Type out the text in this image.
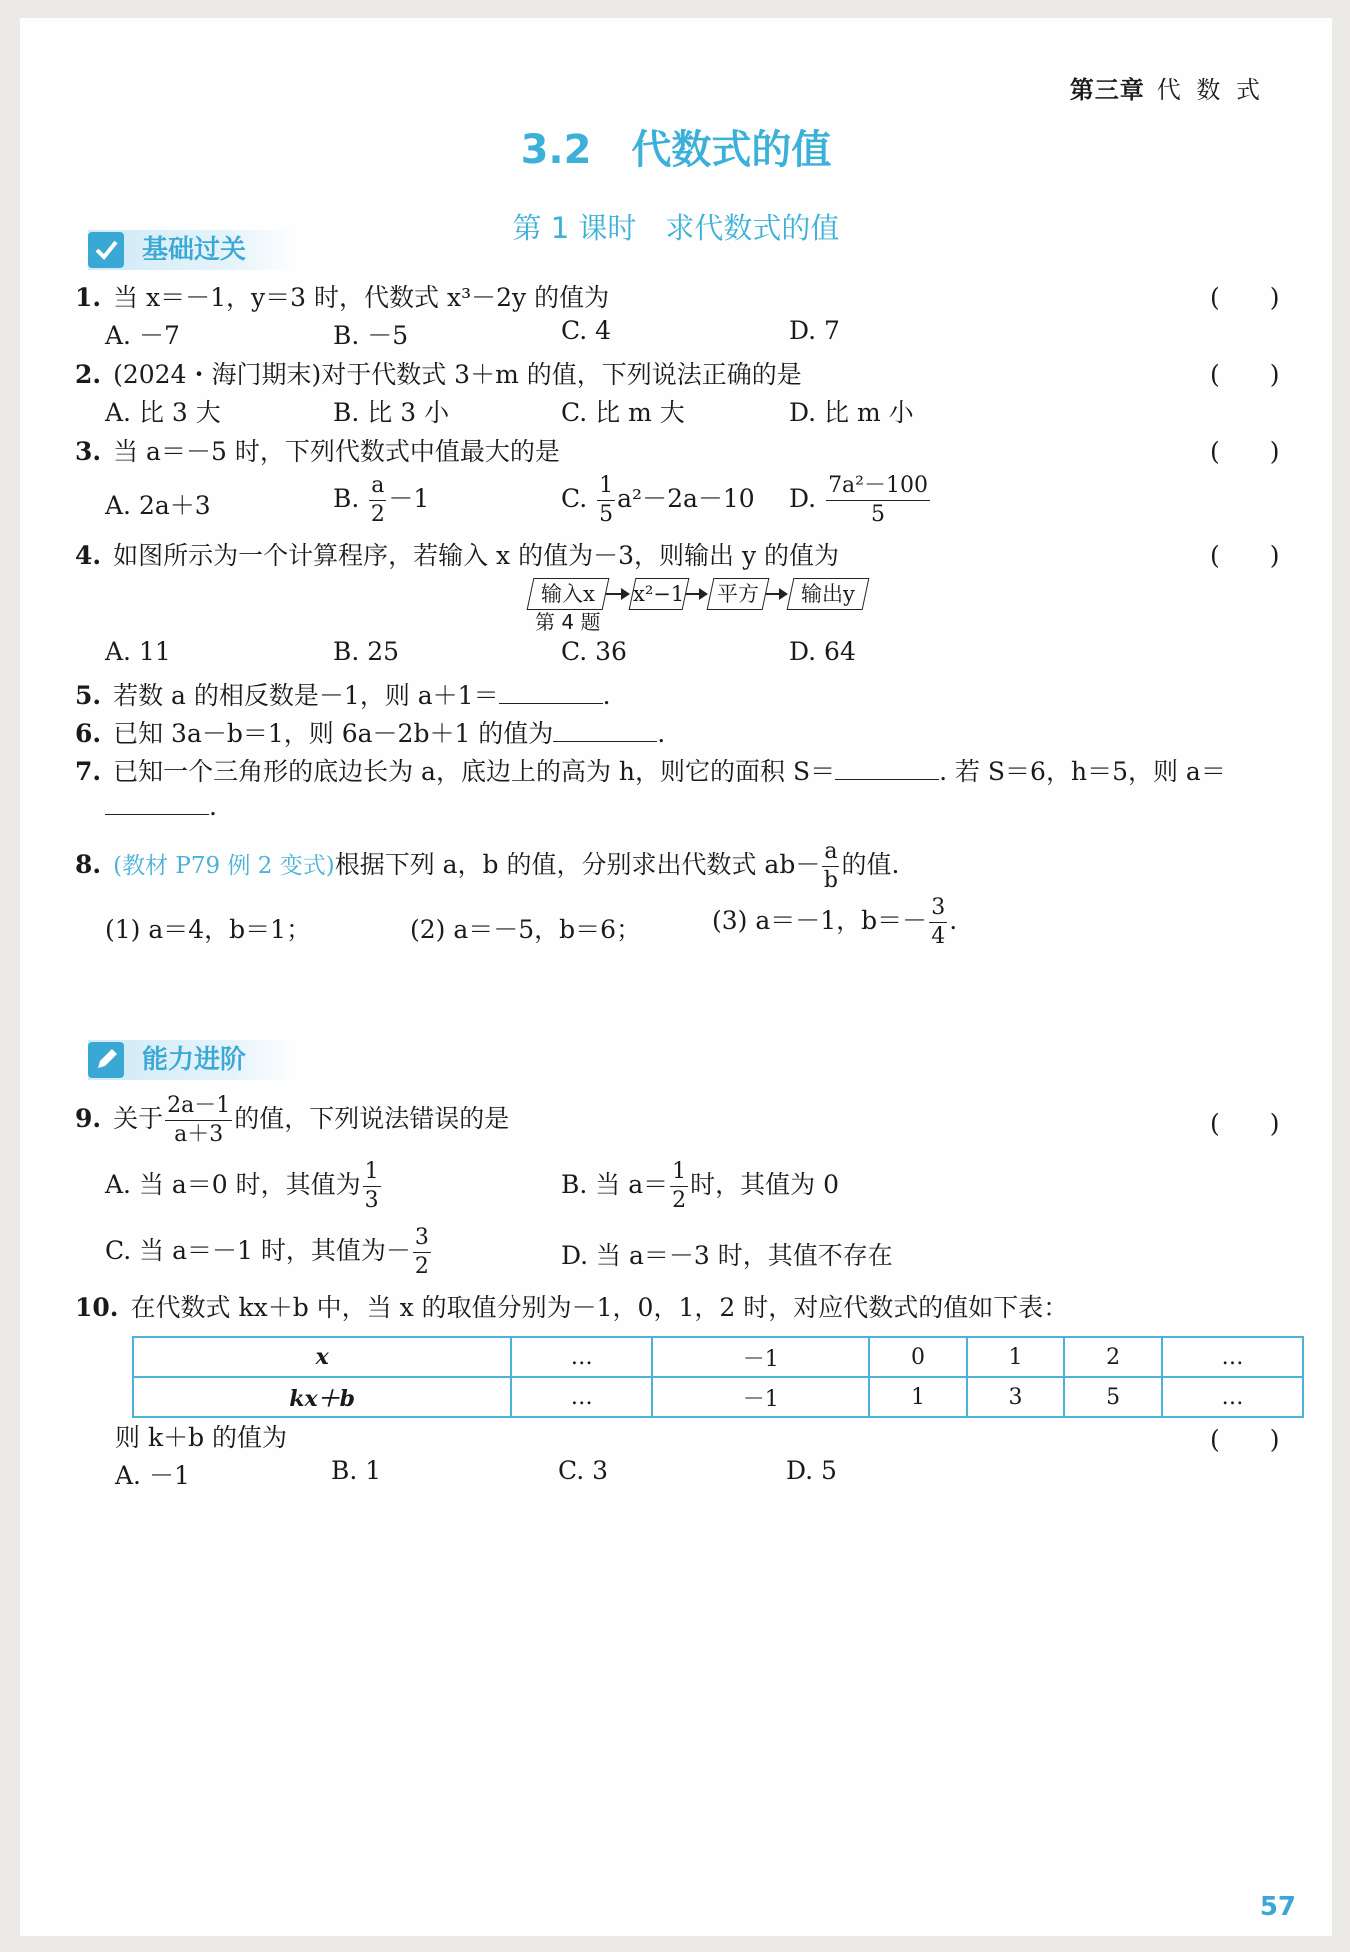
第三章 代 数 式
3.2　代数式的值
第 1 课时　求代数式的值
基础过关
1. 当 x＝－1，y＝3 时，代数式 x³－2y 的值为	(　　)
A. －7	B. －5	C. 4	D. 7
2. (2024・海门期末)对于代数式 3＋m 的值，下列说法正确的是	(　　)
A. 比 3 大	B. 比 3 小	C. 比 m 大	D. 比 m 小
3. 当 a＝－5 时，下列代数式中值最大的是	(　　)
A. 2a＋3	B. $\frac{a}{2} -1$	C. $\frac{1}{5} a^2-2a-10$ D. $\frac{\text{7a²－100}}{5}$
4. 如图所示为一个计算程序，若输入 x 的值为－3，则输出 y 的值为	(　　)
输入x	x²−1	平方	输出y
第 4 题
A. 11	B. 25	C. 36	D. 64
5. 若数 a 的相反数是－1，则 a＋1＝	.
6. 已知 3a－b＝1，则 6a－2b＋1 的值为	.
7. 已知一个三角形的底边长为 a，底边上的高为 h，则它的面积 S＝	. 若 S＝6，h＝5，则 a＝
.
8. (教材 P79 例 2 变式)根据下列 a，b 的值，分别求出代数式 $ab- \frac{a}{b}$ 的值.
(1) a＝4，b＝1；	(2) a＝－5，b＝6；	(3) a＝－1，$b=- \frac{3}{4}$ .
能力进阶
9. 关于 $\frac{2a-1}{a+3}$ 的值，下列说法错误的是	(　　)
A. 当 a＝0 时，其值为 $\frac{1}{3}$	B. 当 $a= \frac{1}{2}$ 时，其值为 0
C. 当 a＝－1 时，其值为－ $\frac{3}{2}$	D. 当 a＝－3 时，其值不存在
10. 在代数式 kx＋b 中，当 x 的取值分别为－1，0，1，2 时，对应代数式的值如下表：
x	…	－1	0	1	2	…
kx＋b	…	－1	1	3	5	…
则 k＋b 的值为	(　　)
A. －1	B. 1	C. 3	D. 5
57
